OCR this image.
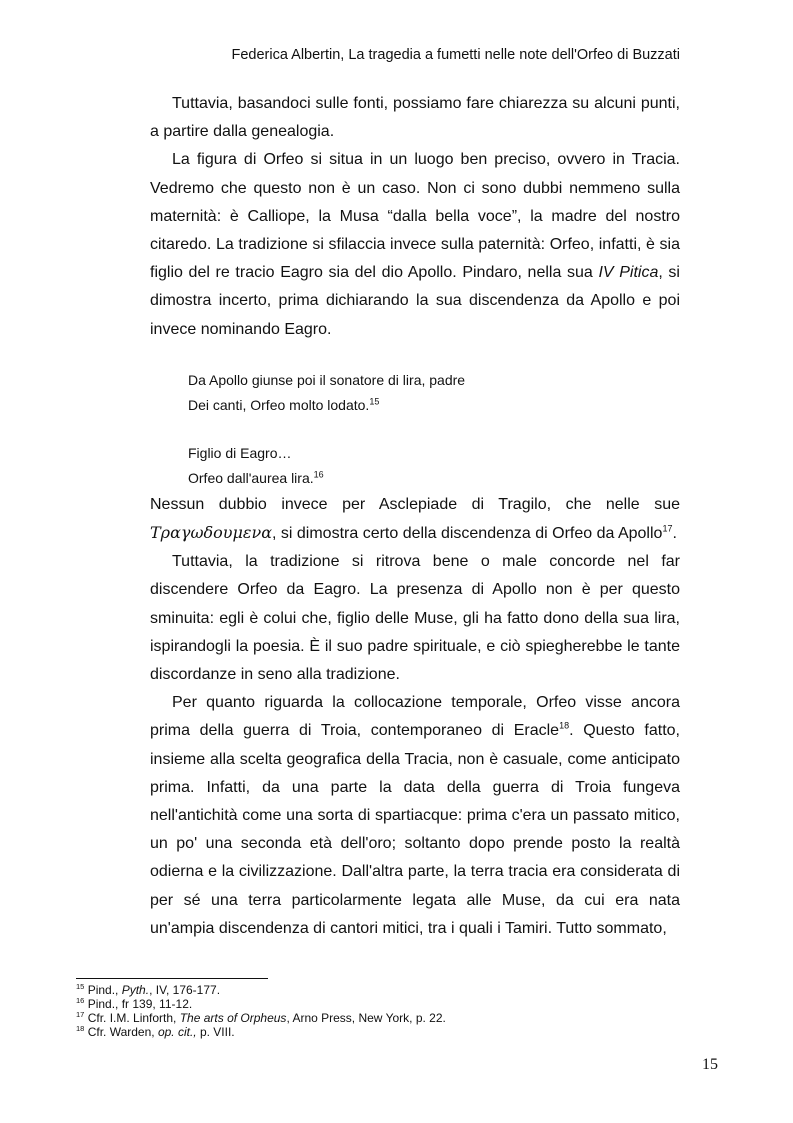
Federica Albertin, La tragedia a fumetti nelle note dell'Orfeo di Buzzati

Tuttavia, basandoci sulle fonti, possiamo fare chiarezza su alcuni punti, a partire dalla genealogia.

La figura di Orfeo si situa in un luogo ben preciso, ovvero in Tracia. Vedremo che questo non è un caso. Non ci sono dubbi nemmeno sulla maternità: è Calliope, la Musa “dalla bella voce”, la madre del nostro citaredo. La tradizione si sfilaccia invece sulla paternità: Orfeo, infatti, è sia figlio del re tracio Eagro sia del dio Apollo. Pindaro, nella sua IV Pitica, si dimostra incerto, prima dichiarando la sua discendenza da Apollo e poi invece nominando Eagro.

Da Apollo giunse poi il sonatore di lira, padre
Dei canti, Orfeo molto lodato.$^{15}$
Figlio di Eagro…
Orfeo dall'aurea lira.$^{16}$

Nessun dubbio invece per Asclepiade di Tragilo, che nelle sue Τραγωδουμενα, si dimostra certo della discendenza di Orfeo da Apollo$^{17}$.

Tuttavia, la tradizione si ritrova bene o male concorde nel far discendere Orfeo da Eagro. La presenza di Apollo non è per questo sminuita: egli è colui che, figlio delle Muse, gli ha fatto dono della sua lira, ispirandogli la poesia. È il suo padre spirituale, e ciò spiegherebbe le tante discordanze in seno alla tradizione.

Per quanto riguarda la collocazione temporale, Orfeo visse ancora prima della guerra di Troia, contemporaneo di Eracle$^{18}$. Questo fatto, insieme alla scelta geografica della Tracia, non è casuale, come anticipato prima. Infatti, da una parte la data della guerra di Troia fungeva nell'antichità come una sorta di spartiacque: prima c'era un passato mitico, un po' una seconda età dell'oro; soltanto dopo prende posto la realtà odierna e la civilizzazione. Dall'altra parte, la terra tracia era considerata di per sé una terra particolarmente legata alle Muse, da cui era nata un'ampia discendenza di cantori mitici, tra i quali i Tamiri. Tutto sommato,

$^{15}$ Pind., Pyth., IV, 176-177.
$^{16}$ Pind., fr 139, 11-12.
$^{17}$ Cfr. I.M. Linforth, The arts of Orpheus, Arno Press, New York, p. 22.
$^{18}$ Cfr. Warden, op. cit., p. VIII.
15
